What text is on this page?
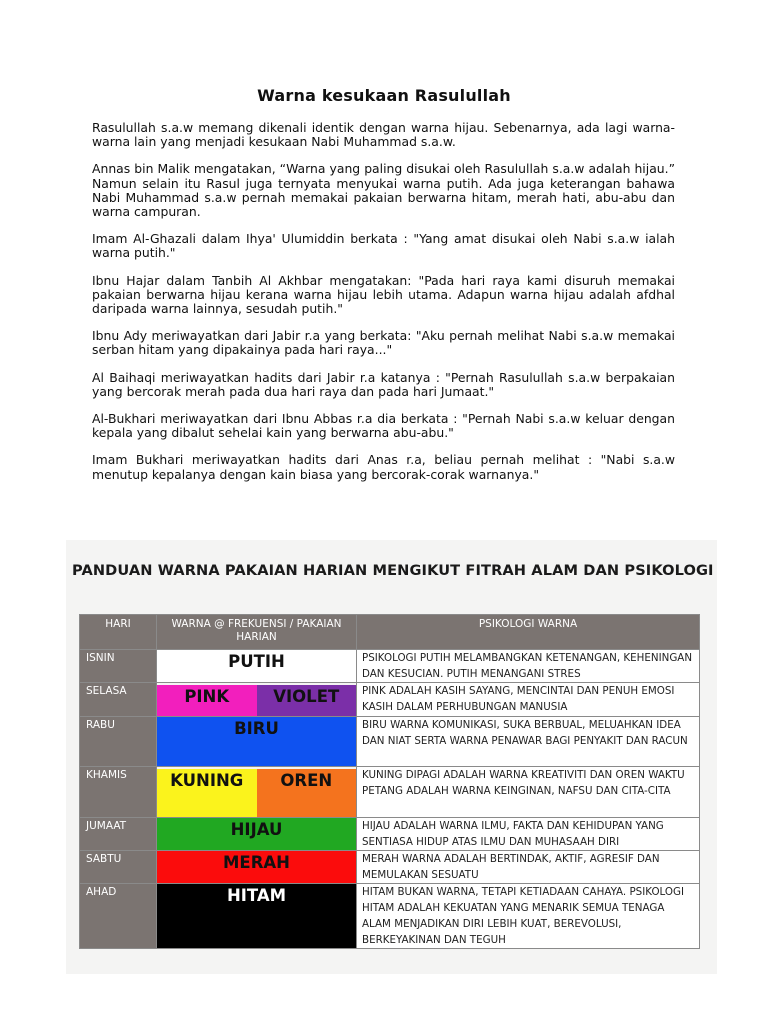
Warna kesukaan Rasulullah

Rasulullah s.a.w memang dikenali identik dengan warna hijau. Sebenarnya, ada lagi warna-warna lain yang menjadi kesukaan Nabi Muhammad s.a.w.

Annas bin Malik mengatakan, “Warna yang paling disukai oleh Rasulullah s.a.w adalah hijau.” Namun selain itu Rasul juga ternyata menyukai warna putih. Ada juga keterangan bahawa Nabi Muhammad s.a.w pernah memakai pakaian berwarna hitam, merah hati, abu-abu dan warna campuran.

Imam Al-Ghazali dalam Ihya' Ulumiddin berkata : "Yang amat disukai oleh Nabi s.a.w ialah warna putih."

Ibnu Hajar dalam Tanbih Al Akhbar mengatakan: "Pada hari raya kami disuruh memakai pakaian berwarna hijau kerana warna hijau lebih utama. Adapun warna hijau adalah afdhal daripada warna lainnya, sesudah putih."

Ibnu Ady meriwayatkan dari Jabir r.a yang berkata: "Aku pernah melihat Nabi s.a.w memakai serban hitam yang dipakainya pada hari raya..."

Al Baihaqi meriwayatkan hadits dari Jabir r.a katanya : "Pernah Rasulullah s.a.w berpakaian yang bercorak merah pada dua hari raya dan pada hari Jumaat."

Al-Bukhari meriwayatkan dari Ibnu Abbas r.a dia berkata : "Pernah Nabi s.a.w keluar dengan kepala yang dibalut sehelai kain yang berwarna abu-abu."

Imam Bukhari meriwayatkan hadits dari Anas r.a, beliau pernah melihat : "Nabi s.a.w menutup kepalanya dengan kain biasa yang bercorak-corak warnanya."

PANDUAN WARNA PAKAIAN HARIAN MENGIKUT FITRAH ALAM DAN PSIKOLOGI
HARI	WARNA @ FREKUENSI / PAKAIAN HARIAN	PSIKOLOGI WARNA
ISNIN	PUTIH	PSIKOLOGI PUTIH MELAMBANGKAN KETENANGAN, KEHENINGAN DAN KESUCIAN. PUTIH MENANGANI STRES
SELASA	PINK VIOLET	PINK ADALAH KASIH SAYANG, MENCINTAI DAN PENUH EMOSI KASIH DALAM PERHUBUNGAN MANUSIA
RABU	BIRU	BIRU WARNA KOMUNIKASI, SUKA BERBUAL, MELUAHKAN IDEA DAN NIAT SERTA WARNA PENAWAR BAGI PENYAKIT DAN RACUN
KHAMIS	KUNING OREN	KUNING DIPAGI ADALAH WARNA KREATIVITI DAN OREN WAKTU PETANG ADALAH WARNA KEINGINAN, NAFSU DAN CITA-CITA
JUMAAT	HIJAU	HIJAU ADALAH WARNA ILMU, FAKTA DAN KEHIDUPAN YANG SENTIASA HIDUP ATAS ILMU DAN MUHASAAH DIRI
SABTU	MERAH	MERAH WARNA ADALAH BERTINDAK, AKTIF, AGRESIF DAN MEMULAKAN SESUATU
AHAD	HITAM	HITAM BUKAN WARNA, TETAPI KETIADAAN CAHAYA. PSIKOLOGI HITAM ADALAH KEKUATAN YANG MENARIK SEMUA TENAGA ALAM MENJADIKAN DIRI LEBIH KUAT, BEREVOLUSI, BERKEYAKINAN DAN TEGUH
